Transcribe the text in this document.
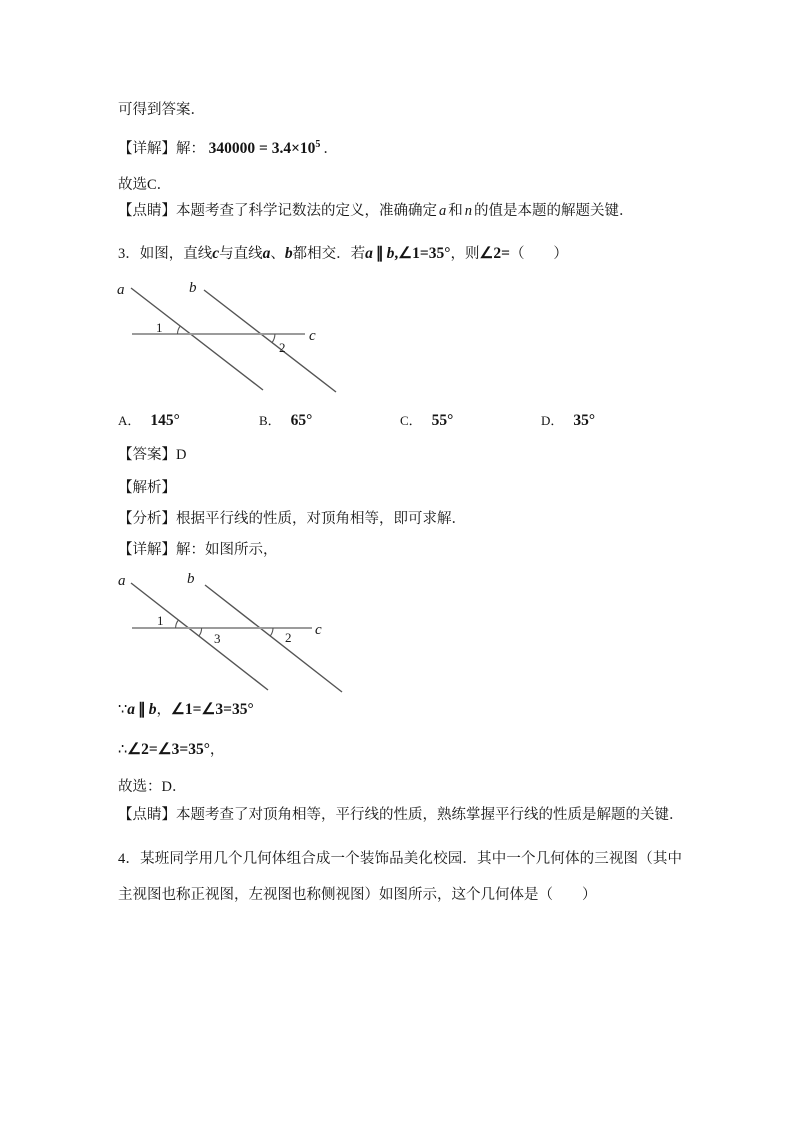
可得到答案．

【详解】解： $340000 = 3.4\times 10^5$ ．

故选C．

【点睛】本题考查了科学记数法的定义，准确确定 a 和 n 的值是本题的解题关键．

3．如图，直线c与直线a、b都相交．若a ∥ b,∠1=35°，则∠2=（　　）

a	b
c
1
2
A． 145°	B． 65°	C． 55°	D． 35°

【答案】D

【解析】

【分析】根据平行线的性质，对顶角相等，即可求解．

【详解】解：如图所示，

a	b
c
1
3	2

∵a ∥ b，∠1=∠3=35°

∴∠2=∠3=35°，

故选：D．

【点睛】本题考查了对顶角相等，平行线的性质，熟练掌握平行线的性质是解题的关键．

4．某班同学用几个几何体组合成一个装饰品美化校园．其中一个几何体的三视图（其中主视图也称正视图，左视图也称侧视图）如图所示，这个几何体是（　　）
